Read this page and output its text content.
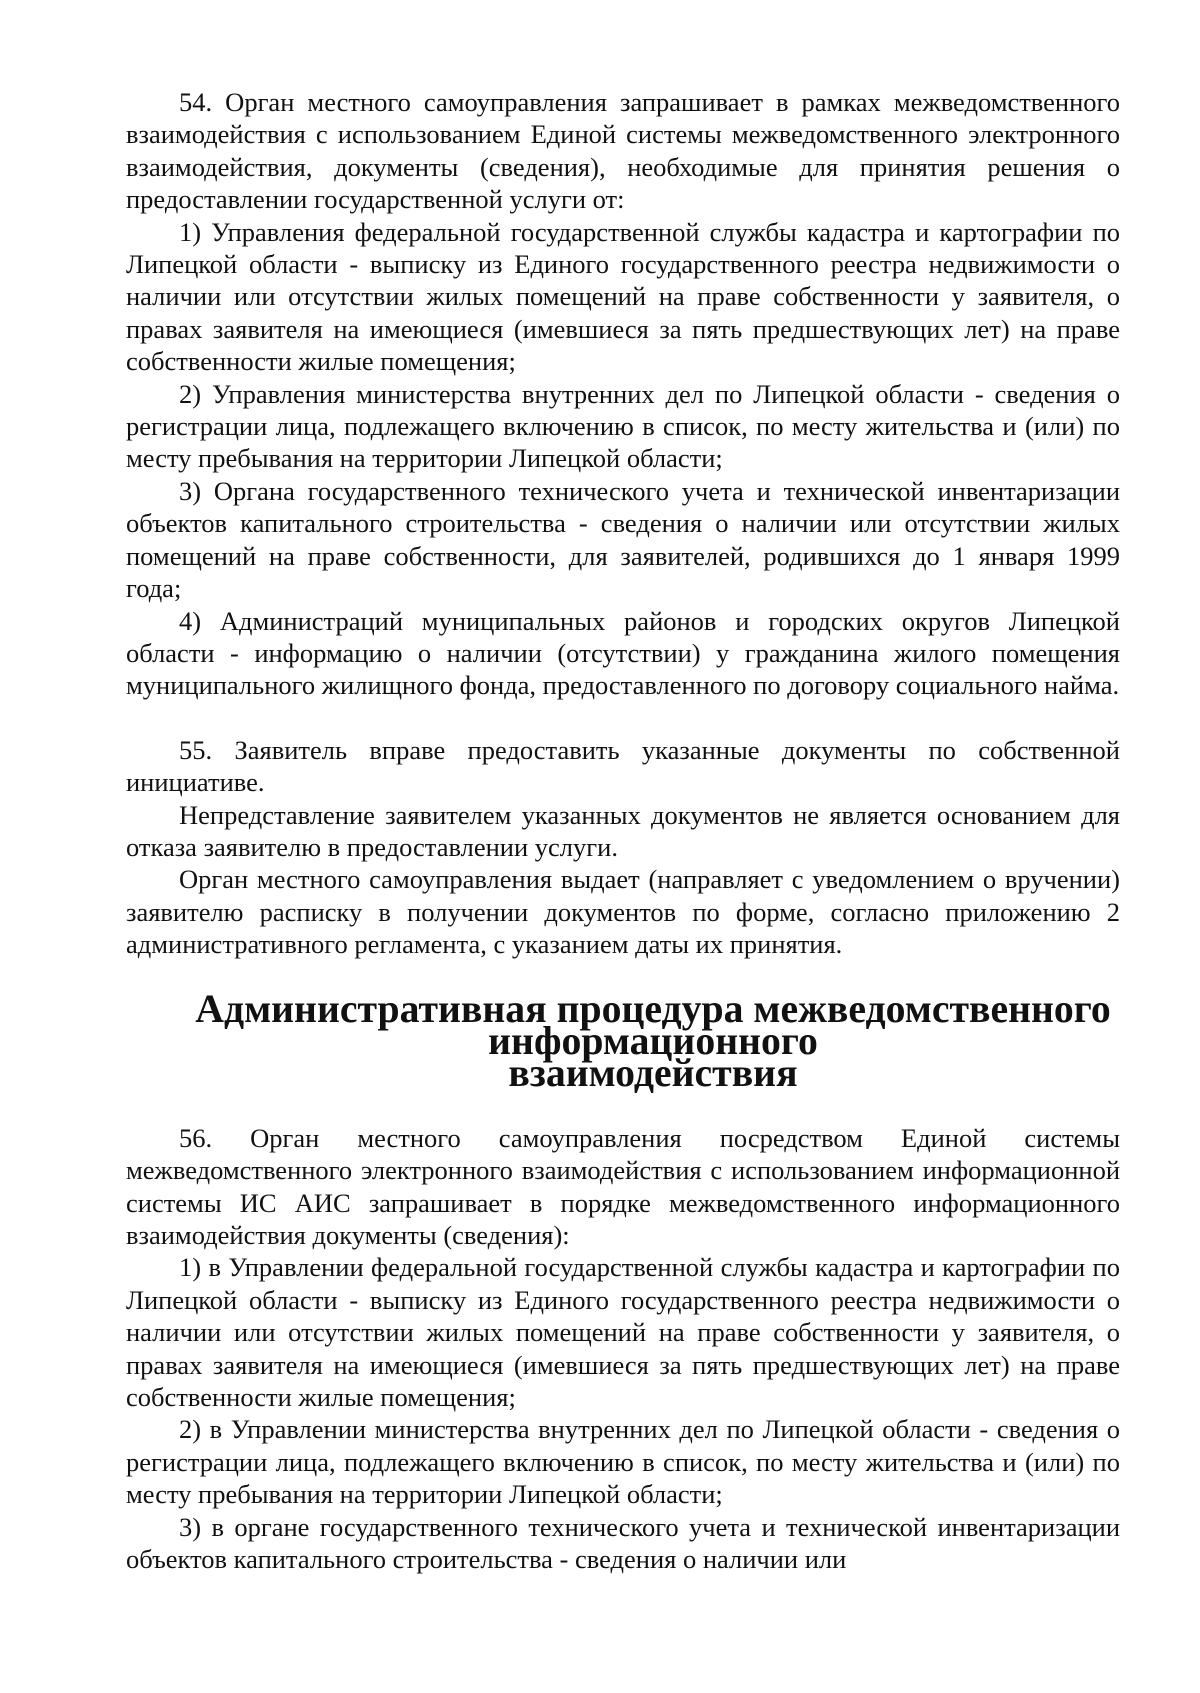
54. Орган местного самоуправления запрашивает в рамках межведомственного взаимодействия с использованием Единой системы межведомственного электронного взаимодействия, документы (сведения), необходимые для принятия решения о предоставлении государственной услуги от:

1) Управления федеральной государственной службы кадастра и картографии по Липецкой области - выписку из Единого государственного реестра недвижимости о наличии или отсутствии жилых помещений на праве собственности у заявителя, о правах заявителя на имеющиеся (имевшиеся за пять предшествующих лет) на праве собственности жилые помещения;

2) Управления министерства внутренних дел по Липецкой области - сведения о регистрации лица, подлежащего включению в список, по месту жительства и (или) по месту пребывания на территории Липецкой области;

3) Органа государственного технического учета и технической инвентаризации объектов капитального строительства - сведения о наличии или отсутствии жилых помещений на праве собственности, для заявителей, родившихся до 1 января 1999 года;

4) Администраций муниципальных районов и городских округов Липецкой области - информацию о наличии (отсутствии) у гражданина жилого помещения муниципального жилищного фонда, предоставленного по договору социального найма.

55. Заявитель вправе предоставить указанные документы по собственной инициативе.

Непредставление заявителем указанных документов не является основанием для отказа заявителю в предоставлении услуги.

Орган местного самоуправления выдает (направляет с уведомлением о вручении) заявителю расписку в получении документов по форме, согласно приложению 2 административного регламента, с указанием даты их принятия.

Административная процедура межведомственного информационного
взаимодействия

56. Орган местного самоуправления посредством Единой системы межведомственного электронного взаимодействия с использованием информационной системы ИС АИС запрашивает в порядке межведомственного информационного взаимодействия документы (сведения):

1) в Управлении федеральной государственной службы кадастра и картографии по Липецкой области - выписку из Единого государственного реестра недвижимости о наличии или отсутствии жилых помещений на праве собственности у заявителя, о правах заявителя на имеющиеся (имевшиеся за пять предшествующих лет) на праве собственности жилые помещения;

2) в Управлении министерства внутренних дел по Липецкой области - сведения о регистрации лица, подлежащего включению в список, по месту жительства и (или) по месту пребывания на территории Липецкой области;

3) в органе государственного технического учета и технической инвентаризации объектов капитального строительства - сведения о наличии или
